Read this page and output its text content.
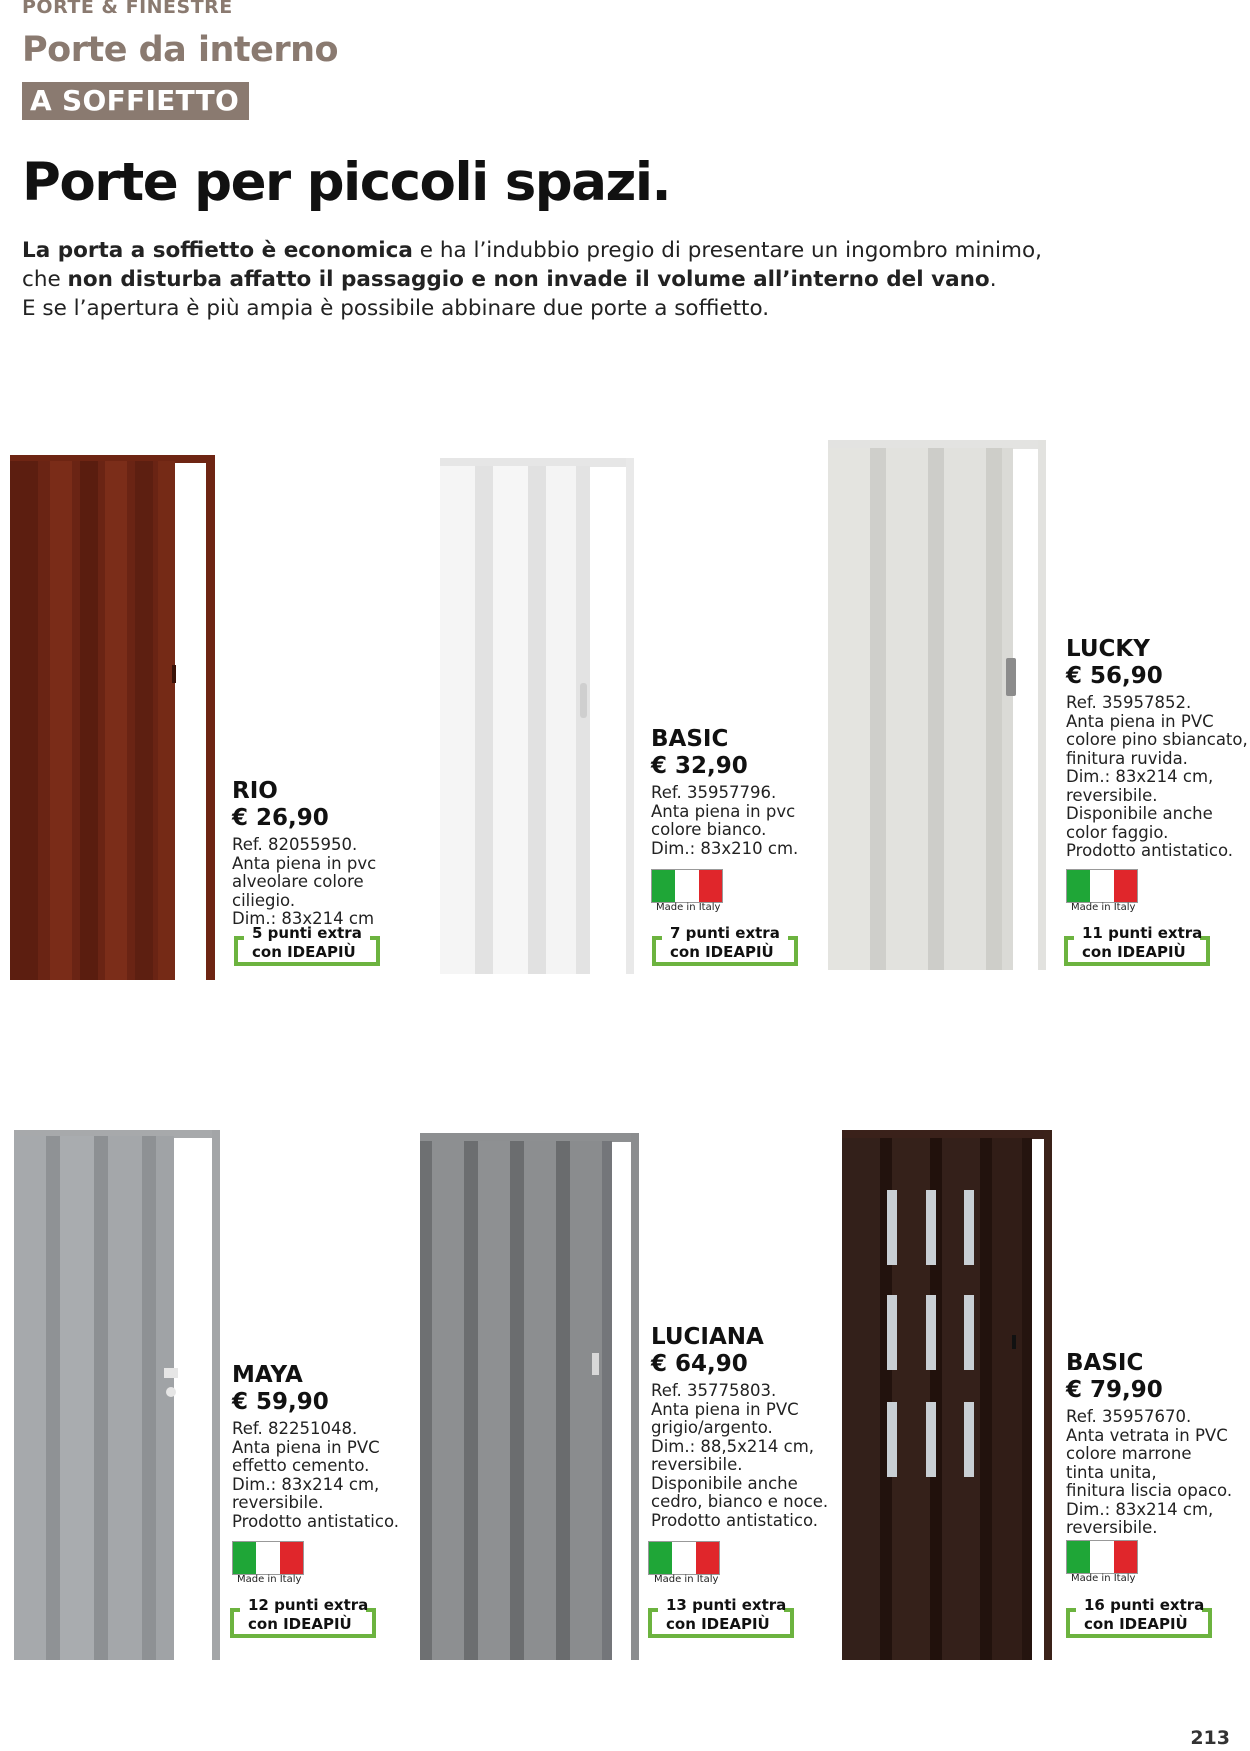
PORTE & FINESTRE
Porte da interno
A SOFFIETTO
Porte per piccoli spazi.
La porta a soffietto è economica e ha l’indubbio pregio di presentare un ingombro minimo,
che non disturba affatto il passaggio e non invade il volume all’interno del vano.
E se l’apertura è più ampia è possibile abbinare due porte a soffietto.
RIO
€ 26,90
Ref. 82055950.
Anta piena in pvc
alveolare colore ciliegio.
Dim.: 83x214 cm
5 punti extra
con IDEAPIÙ
BASIC
€ 32,90
Ref. 35957796.
Anta piena in pvc
colore bianco.
Dim.: 83x210 cm.
Made in Italy
7 punti extra
con IDEAPIÙ
LUCKY
€ 56,90
Ref. 35957852.
Anta piena in PVC
colore pino sbiancato,
finitura ruvida.
Dim.: 83x214 cm,
reversibile.
Disponibile anche
color faggio.
Prodotto antistatico.
Made in Italy
11 punti extra
con IDEAPIÙ
MAYA
€ 59,90
Ref. 82251048.
Anta piena in PVC
effetto cemento.
Dim.: 83x214 cm,
reversibile.
Prodotto antistatico.
Made in Italy
12 punti extra
con IDEAPIÙ
LUCIANA
€ 64,90
Ref. 35775803.
Anta piena in PVC
grigio/argento.
Dim.: 88,5x214 cm,
reversibile.
Disponibile anche
cedro, bianco e noce.
Prodotto antistatico.
Made in Italy
13 punti extra
con IDEAPIÙ
BASIC
€ 79,90
Ref. 35957670.
Anta vetrata in PVC
colore marrone
tinta unita,
finitura liscia opaco.
Dim.: 83x214 cm,
reversibile.
Made in Italy
16 punti extra
con IDEAPIÙ
213
